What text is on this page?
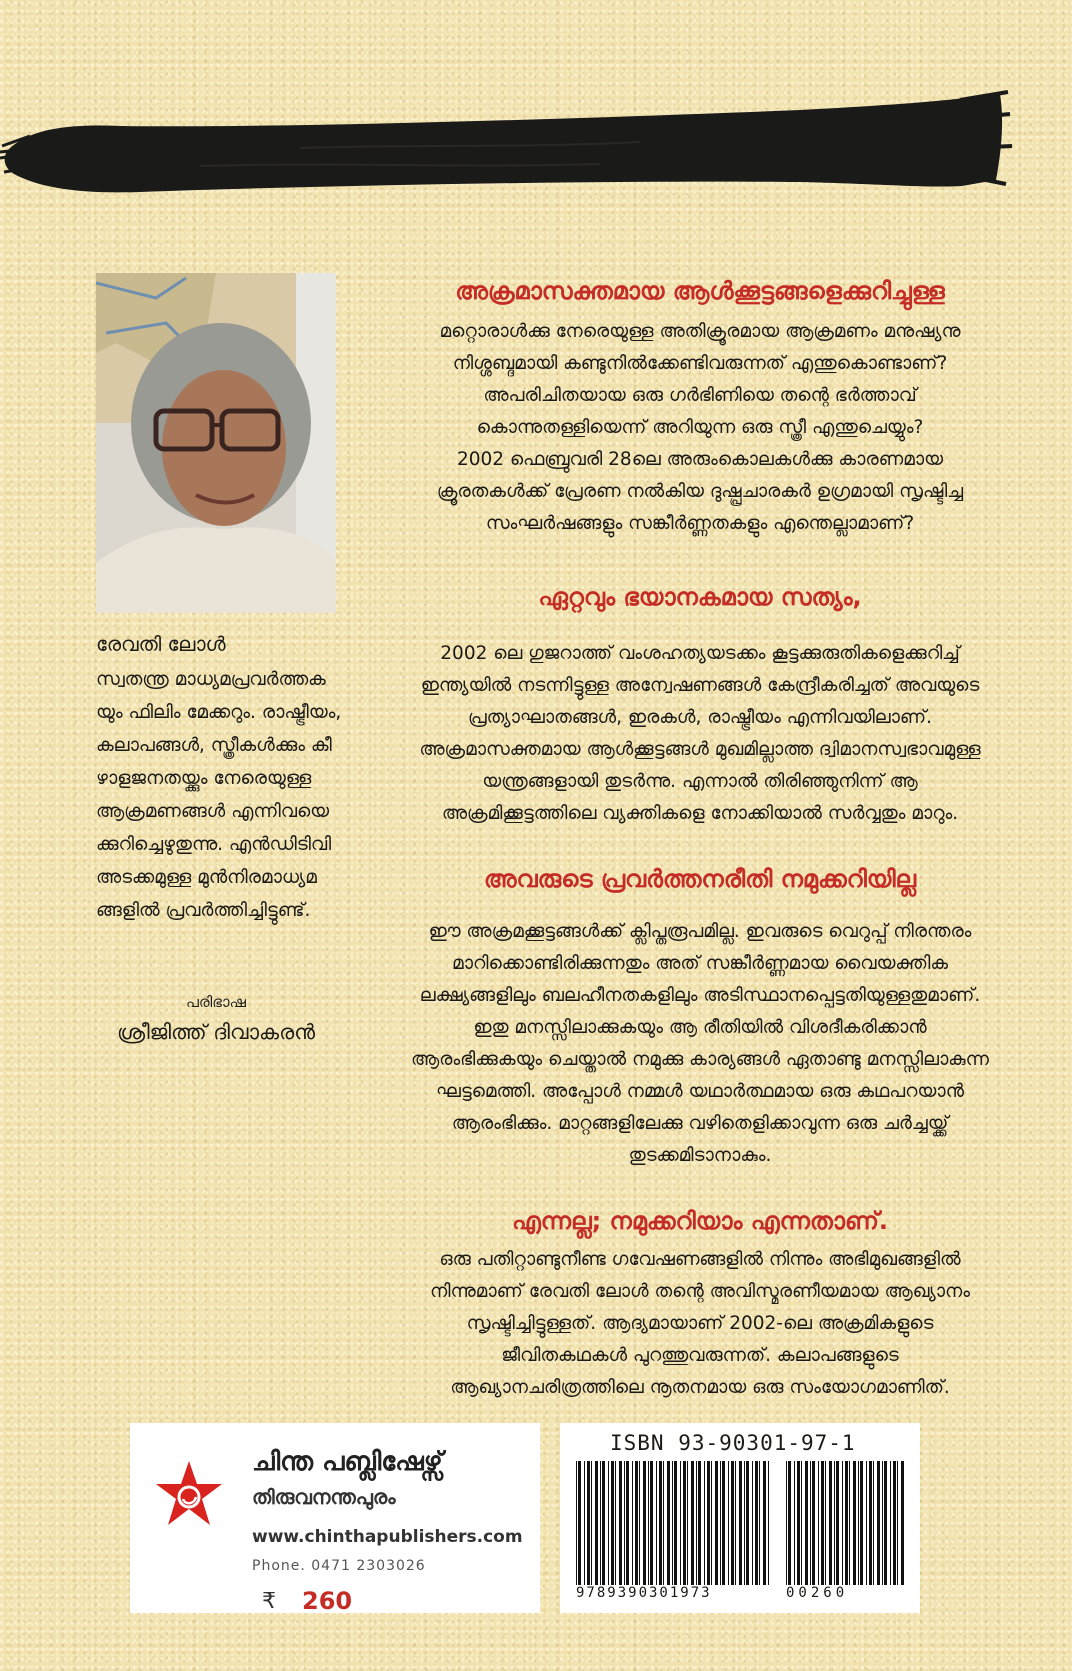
രേവതി ലോൾ
സ്വതന്ത്ര മാധ്യമപ്രവർത്തക
യും ഫിലിം മേക്കറും. രാഷ്ട്രീയം,
കലാപങ്ങൾ, സ്ത്രീകൾക്കും കീ
ഴാളജനതയ്ക്കും നേരെയുള്ള
ആക്രമണങ്ങൾ എന്നിവയെ
ക്കുറിച്ചെഴുതുന്നു. എൻഡിടിവി
അടക്കമുള്ള മുൻനിരമാധ്യമ
ങ്ങളിൽ പ്രവർത്തിച്ചിട്ടുണ്ട്.
പരിഭാഷ
ശ്രീജിത്ത് ദിവാകരൻ
അക്രമാസക്തമായ ആൾക്കൂട്ടങ്ങളെക്കുറിച്ചുള്ള

മറ്റൊരാൾക്കു നേരെയുള്ള അതിക്രൂരമായ ആക്രമണം മനുഷ്യനു

നിശ്ശബ്ദമായി കണ്ടുനിൽക്കേണ്ടിവരുന്നത് എന്തുകൊണ്ടാണ്?

അപരിചിതയായ ഒരു ഗർഭിണിയെ തന്റെ ഭർത്താവ്

കൊന്നുതള്ളിയെന്ന് അറിയുന്ന ഒരു സ്ത്രീ എന്തുചെയ്യും?

2002 ഫെബ്രുവരി 28ലെ അരുംകൊലകൾക്കു കാരണമായ

ക്രൂരതകൾക്ക് പ്രേരണ നൽകിയ ദുഷ്പ്രചാരകർ ഉഗ്രമായി സൃഷ്ടിച്ച

സംഘർഷങ്ങളും സങ്കീർണ്ണതകളും എന്തെല്ലാമാണ്?

ഏറ്റവും ഭയാനകമായ സത്യം,

2002 ലെ ഗുജറാത്ത് വംശഹത്യയടക്കം കൂട്ടക്കുരുതികളെക്കുറിച്ച്

ഇന്ത്യയിൽ നടന്നിട്ടുള്ള അന്വേഷണങ്ങൾ കേന്ദ്രീകരിച്ചത് അവയുടെ

പ്രത്യാഘാതങ്ങൾ, ഇരകൾ, രാഷ്ട്രീയം എന്നിവയിലാണ്.

അക്രമാസക്തമായ ആൾക്കൂട്ടങ്ങൾ മുഖമില്ലാത്ത ദ്വിമാനസ്വഭാവമുള്ള

യന്ത്രങ്ങളായി തുടർന്നു. എന്നാൽ തിരിഞ്ഞുനിന്ന് ആ

അക്രമിക്കൂട്ടത്തിലെ വ്യക്തികളെ നോക്കിയാൽ സർവ്വതും മാറും.

അവരുടെ പ്രവർത്തനരീതി നമുക്കറിയില്ല

ഈ അക്രമക്കൂട്ടങ്ങൾക്ക് ക്ലിപ്തരൂപമില്ല. ഇവരുടെ വെറുപ്പ് നിരന്തരം

മാറിക്കൊണ്ടിരിക്കുന്നതും അത് സങ്കീർണ്ണമായ വൈയക്തിക

ലക്ഷ്യങ്ങളിലും ബലഹീനതകളിലും അടിസ്ഥാനപ്പെട്ടതിയുള്ളതുമാണ്.

ഇതു മനസ്സിലാക്കുകയും ആ രീതിയിൽ വിശദീകരിക്കാൻ

ആരംഭിക്കുകയും ചെയ്താൽ നമുക്കു കാര്യങ്ങൾ ഏതാണ്ടു മനസ്സിലാകുന്ന

ഘട്ടമെത്തി. അപ്പോൾ നമ്മൾ യഥാർത്ഥമായ ഒരു കഥപറയാൻ

ആരംഭിക്കും. മാറ്റങ്ങളിലേക്കു വഴിതെളിക്കാവുന്ന ഒരു ചർച്ചയ്ക്ക്

തുടക്കമിടാനാകും.

എന്നല്ല; നമുക്കറിയാം എന്നതാണ്.

ഒരു പതിറ്റാണ്ടുനീണ്ട ഗവേഷണങ്ങളിൽ നിന്നും അഭിമുഖങ്ങളിൽ

നിന്നുമാണ് രേവതി ലോൾ തന്റെ അവിസ്മരണീയമായ ആഖ്യാനം

സൃഷ്ടിച്ചിട്ടുള്ളത്. ആദ്യമായാണ് 2002-ലെ അക്രമികളുടെ

ജീവിതകഥകൾ പുറത്തുവരുന്നത്. കലാപങ്ങളുടെ

ആഖ്യാനചരിത്രത്തിലെ നൂതനമായ ഒരു സംയോഗമാണിത്.

ചിന്ത പബ്ലിഷേഴ്സ്
തിരുവനന്തപുരം
www.chinthapublishers.com
Phone. 0471 2303026
₹ 260
ISBN 93-90301-97-1
9789390301973	00260
